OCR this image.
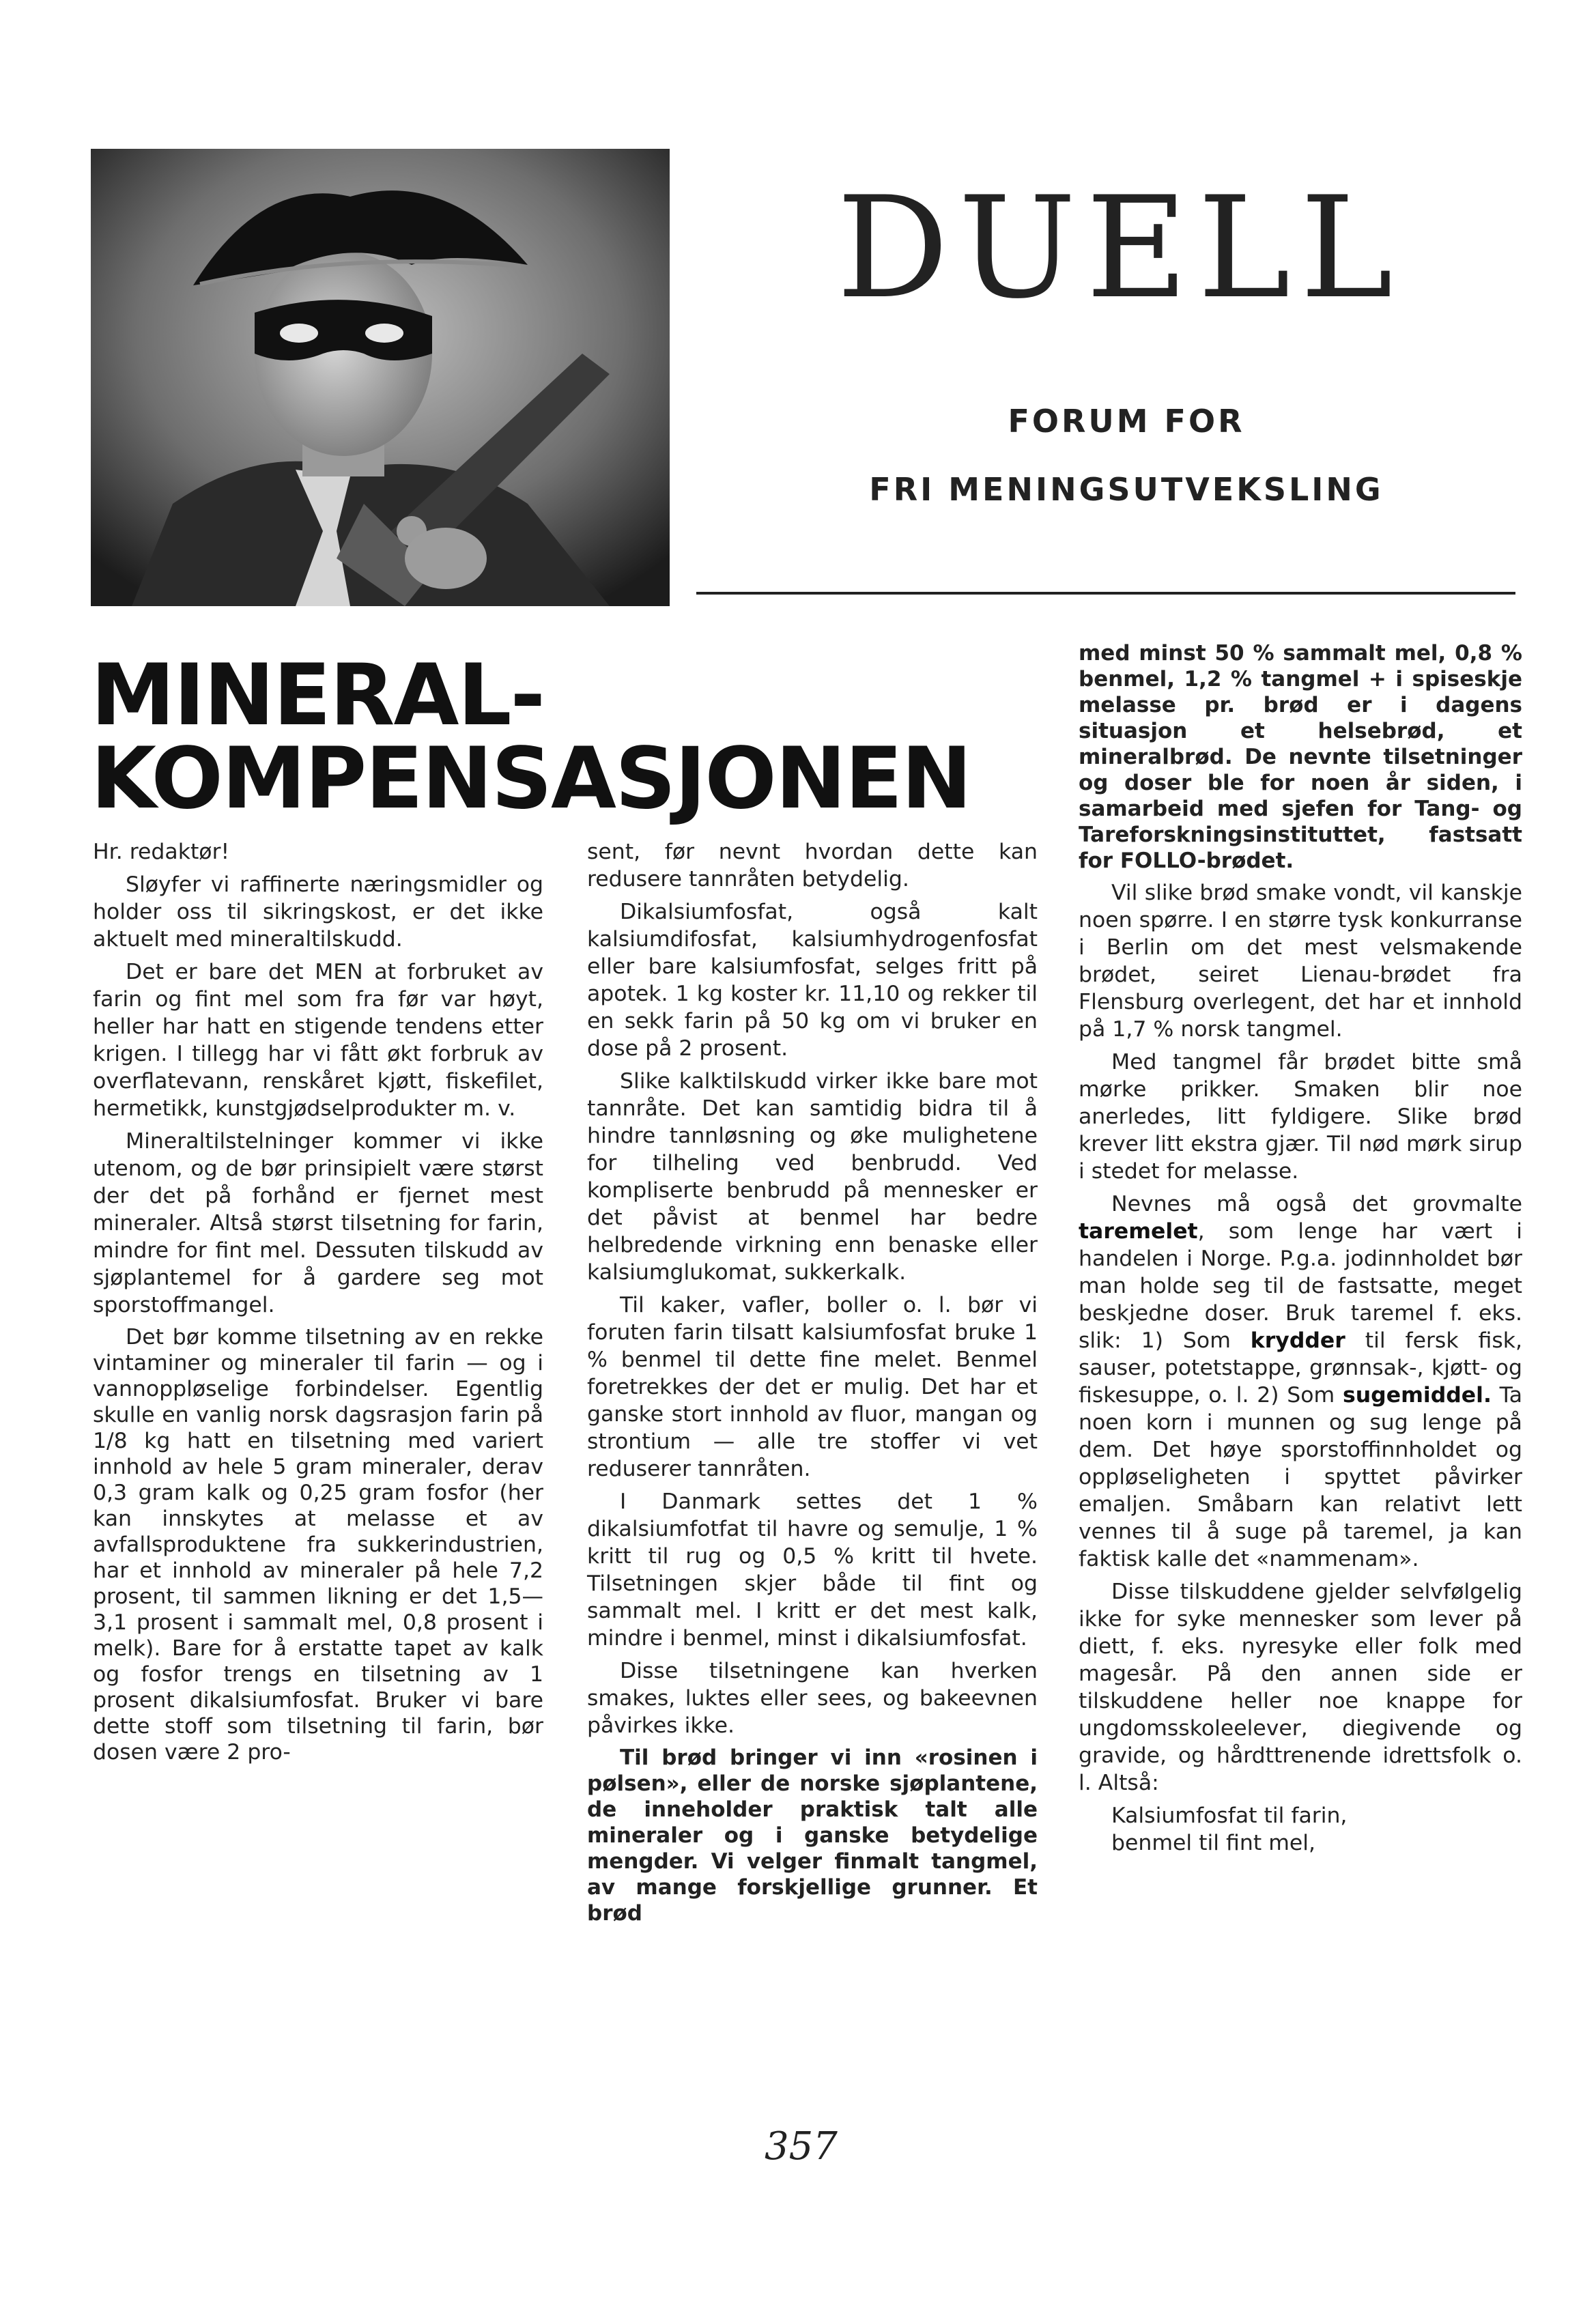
DUELL
FORUM FOR
FRI MENINGSUTVEKSLING
MINERAL-
KOMPENSASJONEN

Hr. redaktør!

Sløyfer vi raffinerte næringsmidler og holder oss til sikringskost, er det ikke aktuelt med mineraltilskudd.

Det er bare det MEN at forbruket av farin og fint mel som fra før var høyt, heller har hatt en stigende tendens etter krigen. I tillegg har vi fått økt forbruk av overflatevann, renskåret kjøtt, fiskefilet, hermetikk, kunstgjødselprodukter m. v.

Mineraltilstelninger kommer vi ikke utenom, og de bør prinsipielt være størst der det på forhånd er fjernet mest mineraler. Altså størst tilsetning for farin, mindre for fint mel. Dessuten tilskudd av sjøplantemel for å gardere seg mot sporstoffmangel.

Det bør komme tilsetning av en rekke vintaminer og mineraler til farin — og i vannoppløselige forbindelser. Egentlig skulle en vanlig norsk dagsrasjon farin på 1/8 kg hatt en tilsetning med variert innhold av hele 5 gram mineraler, derav 0,3 gram kalk og 0,25 gram fosfor (her kan innskytes at melasse et av avfallsproduktene fra sukkerindustrien, har et innhold av mineraler på hele 7,2 prosent, til sammen likning er det 1,5—3,1 prosent i sammalt mel, 0,8 prosent i melk). Bare for å erstatte tapet av kalk og fosfor trengs en tilsetning av 1 prosent dikalsiumfosfat. Bruker vi bare dette stoff som tilsetning til farin, bør dosen være 2 pro-

sent, før nevnt hvordan dette kan redusere tannråten betydelig.

Dikalsiumfosfat, også kalt kalsiumdifosfat, kalsiumhydrogenfosfat eller bare kalsiumfosfat, selges fritt på apotek. 1 kg koster kr. 11,10 og rekker til en sekk farin på 50 kg om vi bruker en dose på 2 prosent.

Slike kalktilskudd virker ikke bare mot tannråte. Det kan samtidig bidra til å hindre tannløsning og øke mulighetene for tilheling ved benbrudd. Ved kompliserte benbrudd på mennesker er det påvist at benmel har bedre helbredende virkning enn benaske eller kalsiumglukomat, sukkerkalk.

Til kaker, vafler, boller o. l. bør vi foruten farin tilsatt kalsiumfosfat bruke 1 % benmel til dette fine melet. Benmel foretrekkes der det er mulig. Det har et ganske stort innhold av fluor, mangan og strontium — alle tre stoffer vi vet reduserer tannråten.

I Danmark settes det 1 % dikalsiumfotfat til havre og semulje, 1 % kritt til rug og 0,5 % kritt til hvete. Tilsetningen skjer både til fint og sammalt mel. I kritt er det mest kalk, mindre i benmel, minst i dikalsiumfosfat.

Disse tilsetningene kan hverken smakes, luktes eller sees, og bakeevnen påvirkes ikke.

Til brød bringer vi inn «rosinen i pølsen», eller de norske sjøplantene, de inneholder praktisk talt alle mineraler og i ganske betydelige mengder. Vi velger finmalt tangmel, av mange forskjellige grunner. Et brød

med minst 50 % sammalt mel, 0,8 % benmel, 1,2 % tangmel + i spiseskje melasse pr. brød er i dagens situasjon et helsebrød, et mineralbrød. De nevnte tilsetninger og doser ble for noen år siden, i samarbeid med sjefen for Tang- og Tareforskningsinstituttet, fastsatt for FOLLO-brødet.

Vil slike brød smake vondt, vil kanskje noen spørre. I en større tysk konkurranse i Berlin om det mest velsmakende brødet, seiret Lienau-brødet fra Flensburg overlegent, det har et innhold på 1,7 % norsk tangmel.

Med tangmel får brødet bitte små mørke prikker. Smaken blir noe anerledes, litt fyldigere. Slike brød krever litt ekstra gjær. Til nød mørk sirup i stedet for melasse.

Nevnes må også det grovmalte taremelet, som lenge har vært i handelen i Norge. P.g.a. jodinnholdet bør man holde seg til de fastsatte, meget beskjedne doser. Bruk taremel f. eks. slik: 1) Som krydder til fersk fisk, sauser, potetstappe, grønnsak-, kjøtt- og fiskesuppe, o. l. 2) Som sugemiddel. Ta noen korn i munnen og sug lenge på dem. Det høye sporstoffinnholdet og oppløseligheten i spyttet påvirker emaljen. Småbarn kan relativt lett vennes til å suge på taremel, ja kan faktisk kalle det «nammenam».

Disse tilskuddene gjelder selvfølgelig ikke for syke mennesker som lever på diett, f. eks. nyresyke eller folk med magesår. På den annen side er tilskuddene heller noe knappe for ungdomsskoleelever, diegivende og gravide, og hårdttrenende idrettsfolk o. l. Altså:

Kalsiumfosfat til farin,

benmel til fint mel,

357
